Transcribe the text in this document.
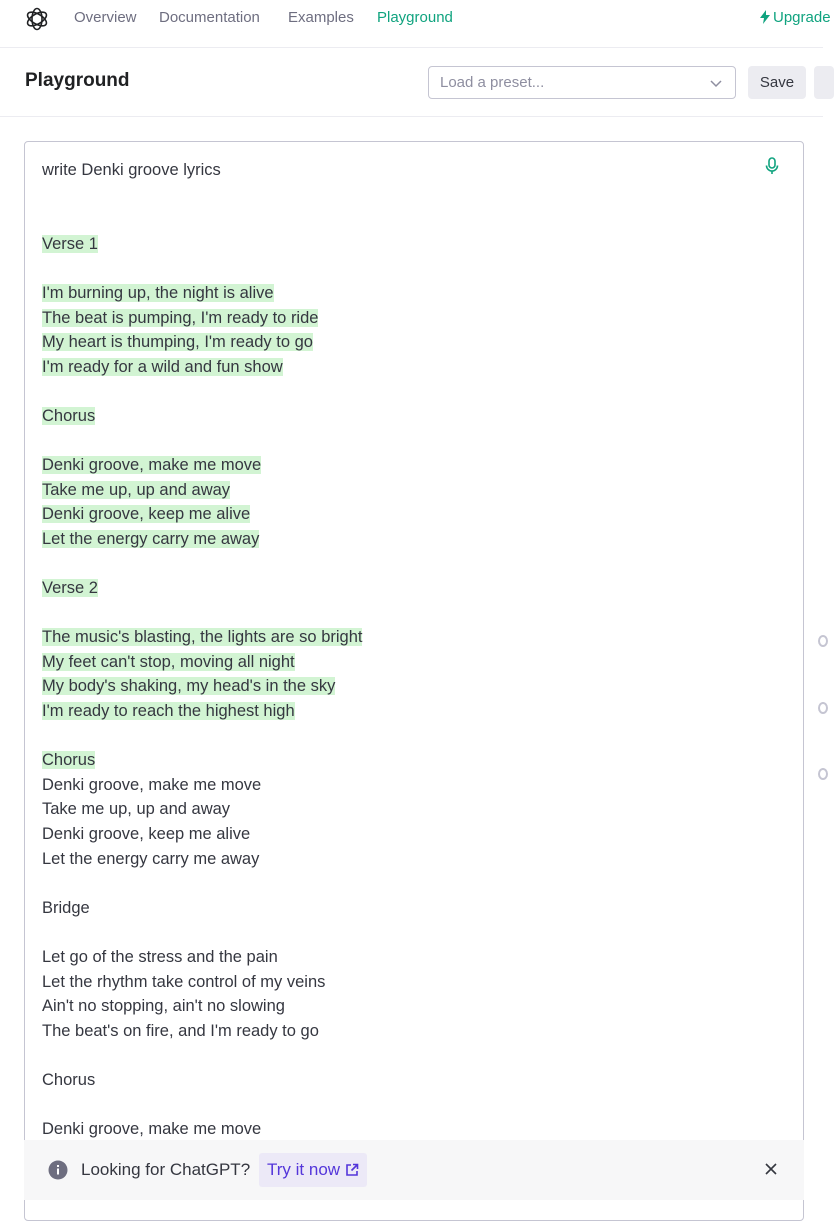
Overview Documentation Examples Playground	Upgrade
Playground	Load a preset...	Save
write Denki groove lyrics
Verse 1
I'm burning up, the night is alive
The beat is pumping, I'm ready to ride
My heart is thumping, I'm ready to go
I'm ready for a wild and fun show
Chorus
Denki groove, make me move
Take me up, up and away
Denki groove, keep me alive
Let the energy carry me away
Verse 2
The music's blasting, the lights are so bright
My feet can't stop, moving all night
My body's shaking, my head's in the sky
I'm ready to reach the highest high
Chorus
Denki groove, make me move
Take me up, up and away
Denki groove, keep me alive
Let the energy carry me away
Bridge
Let go of the stress and the pain
Let the rhythm take control of my veins
Ain't no stopping, ain't no slowing
The beat's on fire, and I'm ready to go
Chorus
Denki groove, make me move
Looking for ChatGPT? Try it now
